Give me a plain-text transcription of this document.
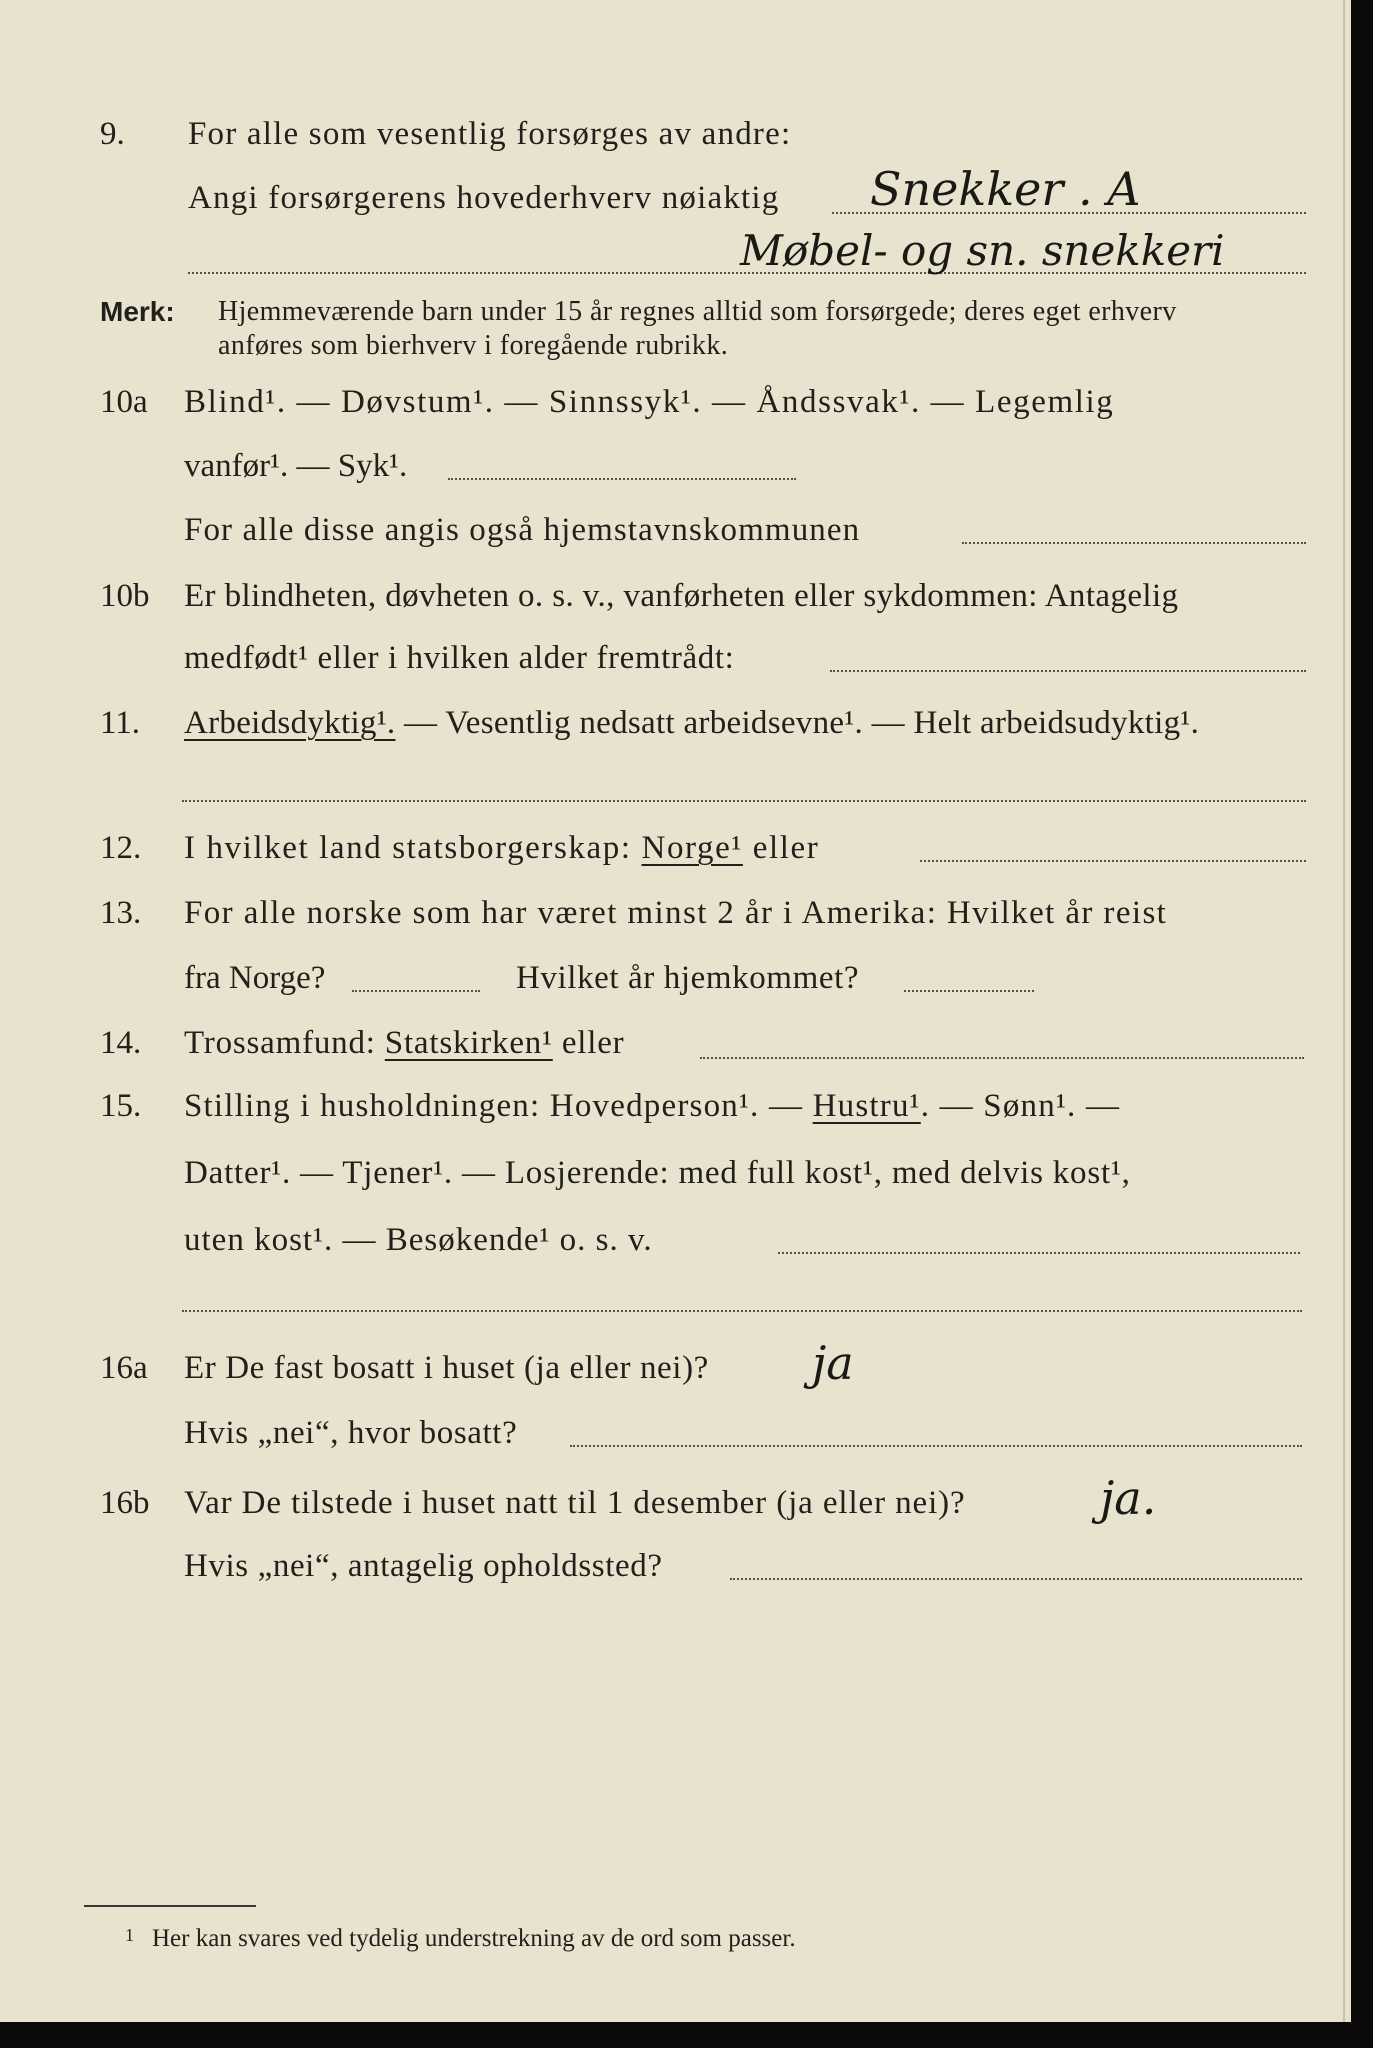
9. For alle som vesentlig forsørges av andre:
Angi forsørgerens hovederhverv nøiaktig Snekker . A
Møbel- og sn. snekkeri
Merk: Hjemmeværende barn under 15 år regnes alltid som forsørgede; deres eget erhverv
anføres som bierhverv i foregående rubrikk.
10a Blind¹. — Døvstum¹. — Sinnssyk¹. — Åndssvak¹. — Legemlig
vanfør¹. — Syk¹.
For alle disse angis også hjemstavnskommunen
10b Er blindheten, døvheten o. s. v., vanførheten eller sykdommen: Antagelig
medfødt¹ eller i hvilken alder fremtrådt:
11. Arbeidsdyktig¹. — Vesentlig nedsatt arbeidsevne¹. — Helt arbeidsudyktig¹.
12. I hvilket land statsborgerskap: Norge¹ eller
13. For alle norske som har været minst 2 år i Amerika: Hvilket år reist
fra Norge?	Hvilket år hjemkommet?
14. Trossamfund: Statskirken¹ eller
15. Stilling i husholdningen: Hovedperson¹. — Hustru¹. — Sønn¹. —
Datter¹. — Tjener¹. — Losjerende: med full kost¹, med delvis kost¹,
uten kost¹. — Besøkende¹ o. s. v.
16a Er De fast bosatt i huset (ja eller nei)? ja
Hvis „nei“, hvor bosatt?
16b Var De tilstede i huset natt til 1 desember (ja eller nei)?	ja.
Hvis „nei“, antagelig opholdssted?
$^1$ Her kan svares ved tydelig understrekning av de ord som passer.
